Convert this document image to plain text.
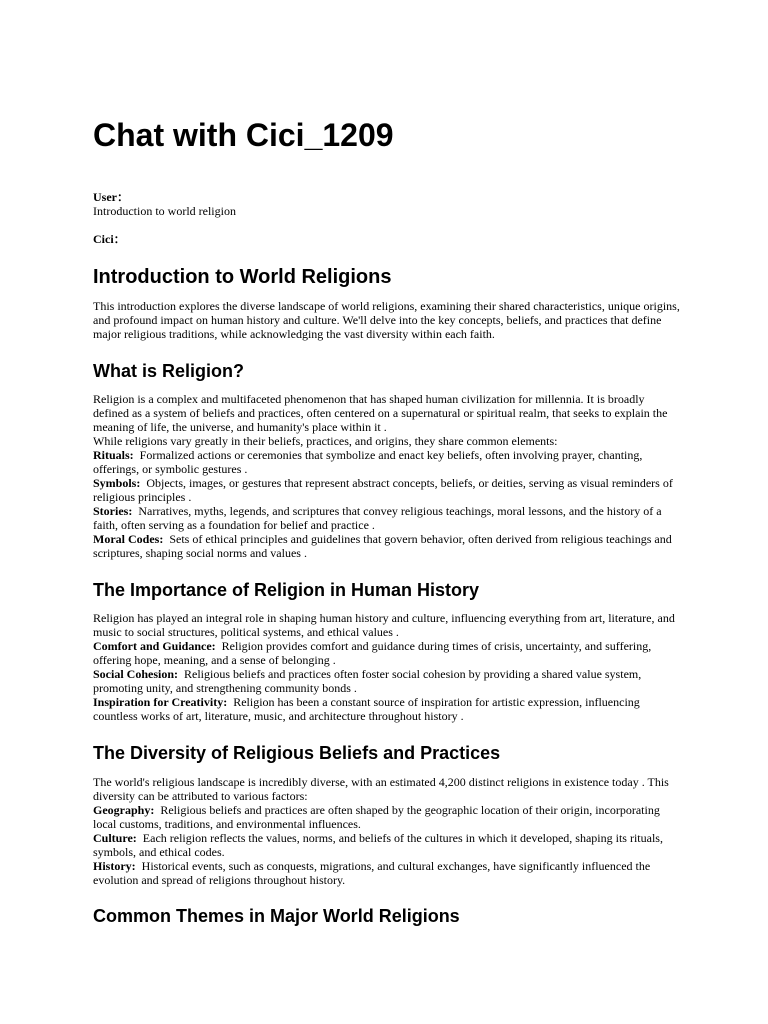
Chat with Cici_1209
User：
Introduction to world religion
Cici：
Introduction to World Religions

This introduction explores the diverse landscape of world religions, examining their shared characteristics, unique origins, and profound impact on human history and culture. We'll delve into the key concepts, beliefs, and practices that define major religious traditions, while acknowledging the vast diversity within each faith.

What is Religion?

Religion is a complex and multifaceted phenomenon that has shaped human civilization for millennia. It is broadly defined as a system of beliefs and practices, often centered on a supernatural or spiritual realm, that seeks to explain the meaning of life, the universe, and humanity's place within it .

While religions vary greatly in their beliefs, practices, and origins, they share common elements:

Rituals: Formalized actions or ceremonies that symbolize and enact key beliefs, often involving prayer, chanting, offerings, or symbolic gestures .

Symbols: Objects, images, or gestures that represent abstract concepts, beliefs, or deities, serving as visual reminders of religious principles .

Stories: Narratives, myths, legends, and scriptures that convey religious teachings, moral lessons, and the history of a faith, often serving as a foundation for belief and practice .

Moral Codes: Sets of ethical principles and guidelines that govern behavior, often derived from religious teachings and scriptures, shaping social norms and values .

The Importance of Religion in Human History

Religion has played an integral role in shaping human history and culture, influencing everything from art, literature, and music to social structures, political systems, and ethical values .

Comfort and Guidance: Religion provides comfort and guidance during times of crisis, uncertainty, and suffering, offering hope, meaning, and a sense of belonging .

Social Cohesion: Religious beliefs and practices often foster social cohesion by providing a shared value system, promoting unity, and strengthening community bonds .

Inspiration for Creativity: Religion has been a constant source of inspiration for artistic expression, influencing countless works of art, literature, music, and architecture throughout history .

The Diversity of Religious Beliefs and Practices

The world's religious landscape is incredibly diverse, with an estimated 4,200 distinct religions in existence today . This diversity can be attributed to various factors:

Geography: Religious beliefs and practices are often shaped by the geographic location of their origin, incorporating local customs, traditions, and environmental influences.

Culture: Each religion reflects the values, norms, and beliefs of the cultures in which it developed, shaping its rituals, symbols, and ethical codes.

History: Historical events, such as conquests, migrations, and cultural exchanges, have significantly influenced the evolution and spread of religions throughout history.

Common Themes in Major World Religions
